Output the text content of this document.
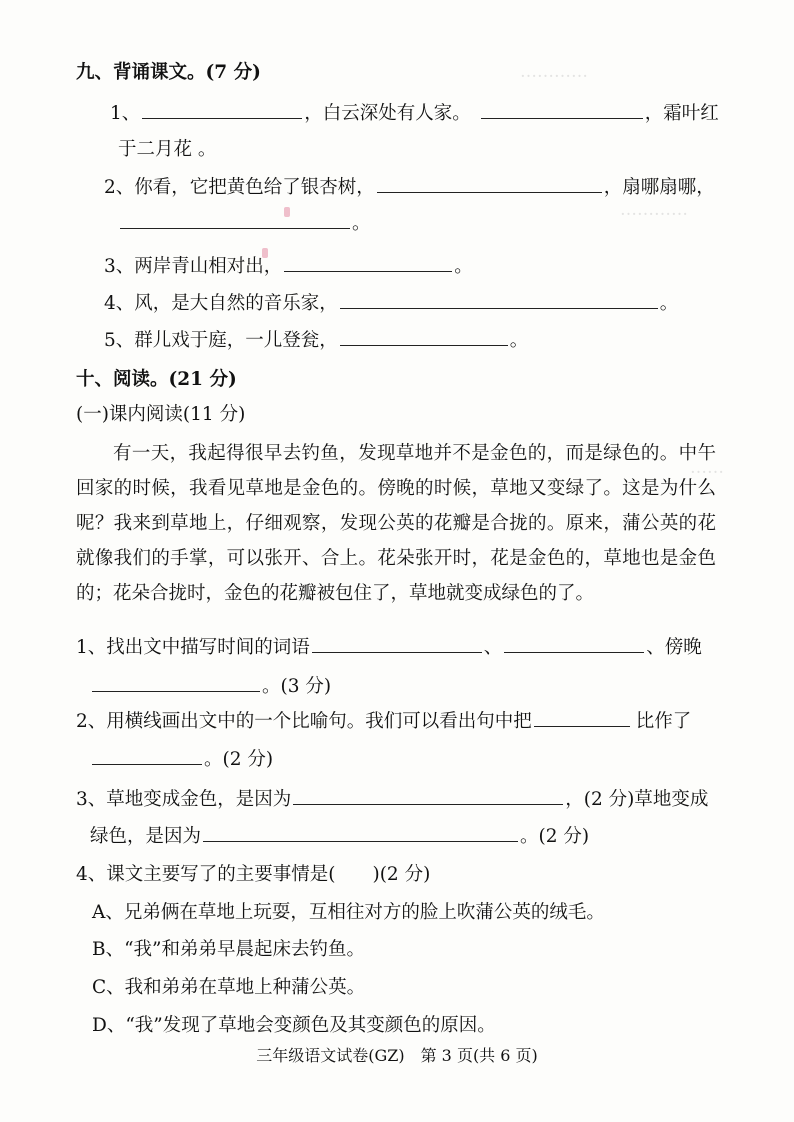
…………
…………
……
九、背诵课文。(7 分)
1、	，白云深处有人家。	，霜叶红
于二月花 。
2、你看，它把黄色给了银杏树，	，扇哪扇哪，
。
3、两岸青山相对出，	。
4、风，是大自然的音乐家，	。
5、群儿戏于庭，一儿登瓮，	。
十、阅读。(21 分)
(一)课内阅读(11 分)
有一天，我起得很早去钓鱼，发现草地并不是金色的，而是绿色的。中午回家的时候，我看见草地是金色的。傍晚的时候，草地又变绿了。这是为什么呢？我来到草地上，仔细观察，发现公英的花瓣是合拢的。原来，蒲公英的花就像我们的手掌，可以张开、合上。花朵张开时，花是金色的，草地也是金色的；花朵合拢时，金色的花瓣被包住了，草地就变成绿色的了。
1、找出文中描写时间的词语	、	、傍晚
。(3 分)
2、用横线画出文中的一个比喻句。我们可以看出句中把	比作了
。(2 分)
3、草地变成金色，是因为	，(2 分)草地变成
绿色，是因为	。(2 分)
4、课文主要写了的主要事情是(　　)(2 分)
A、兄弟俩在草地上玩耍，互相往对方的脸上吹蒲公英的绒毛。
B、“我”和弟弟早晨起床去钓鱼。
C、我和弟弟在草地上种蒲公英。
D、“我”发现了草地会变颜色及其变颜色的原因。
三年级语文试卷(GZ)　第 3 页(共 6 页)
